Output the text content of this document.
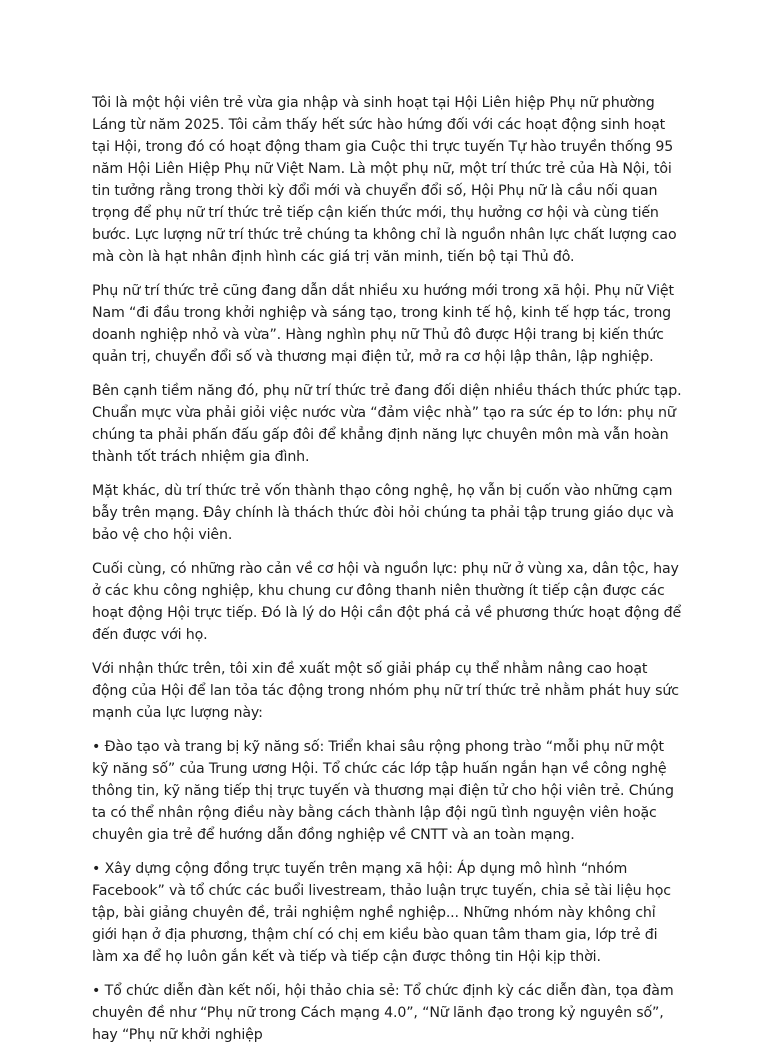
Tôi là một hội viên trẻ vừa gia nhập và sinh hoạt tại Hội Liên hiệp Phụ nữ phường Láng từ năm 2025. Tôi cảm thấy hết sức hào hứng đối với các hoạt động sinh hoạt tại Hội, trong đó có hoạt động tham gia Cuộc thi trực tuyến Tự hào truyền thống 95 năm Hội Liên Hiệp Phụ nữ Việt Nam. Là một phụ nữ, một trí thức trẻ của Hà Nội, tôi tin tưởng rằng trong thời kỳ đổi mới và chuyển đổi số, Hội Phụ nữ là cầu nối quan trọng để phụ nữ trí thức trẻ tiếp cận kiến thức mới, thụ hưởng cơ hội và cùng tiến bước. Lực lượng nữ trí thức trẻ chúng ta không chỉ là nguồn nhân lực chất lượng cao mà còn là hạt nhân định hình các giá trị văn minh, tiến bộ tại Thủ đô.

Phụ nữ trí thức trẻ cũng đang dẫn dắt nhiều xu hướng mới trong xã hội. Phụ nữ Việt Nam “đi đầu trong khởi nghiệp và sáng tạo, trong kinh tế hộ, kinh tế hợp tác, trong doanh nghiệp nhỏ và vừa”. Hàng nghìn phụ nữ Thủ đô được Hội trang bị kiến thức quản trị, chuyển đổi số và thương mại điện tử, mở ra cơ hội lập thân, lập nghiệp.

Bên cạnh tiềm năng đó, phụ nữ trí thức trẻ đang đối diện nhiều thách thức phức tạp. Chuẩn mực vừa phải giỏi việc nước vừa “đảm việc nhà” tạo ra sức ép to lớn: phụ nữ chúng ta phải phấn đấu gấp đôi để khẳng định năng lực chuyên môn mà vẫn hoàn thành tốt trách nhiệm gia đình.

Mặt khác, dù trí thức trẻ vốn thành thạo công nghệ, họ vẫn bị cuốn vào những cạm bẫy trên mạng. Đây chính là thách thức đòi hỏi chúng ta phải tập trung giáo dục và bảo vệ cho hội viên.

Cuối cùng, có những rào cản về cơ hội và nguồn lực: phụ nữ ở vùng xa, dân tộc, hay ở các khu công nghiệp, khu chung cư đông thanh niên thường ít tiếp cận được các hoạt động Hội trực tiếp. Đó là lý do Hội cần đột phá cả về phương thức hoạt động để đến được với họ.

Với nhận thức trên, tôi xin đề xuất một số giải pháp cụ thể nhằm nâng cao hoạt động của Hội để lan tỏa tác động trong nhóm phụ nữ trí thức trẻ nhằm phát huy sức mạnh của lực lượng này:

• Đào tạo và trang bị kỹ năng số: Triển khai sâu rộng phong trào “mỗi phụ nữ một kỹ năng số” của Trung ương Hội. Tổ chức các lớp tập huấn ngắn hạn về công nghệ thông tin, kỹ năng tiếp thị trực tuyến và thương mại điện tử cho hội viên trẻ. Chúng ta có thể nhân rộng điều này bằng cách thành lập đội ngũ tình nguyện viên hoặc chuyên gia trẻ để hướng dẫn đồng nghiệp về CNTT và an toàn mạng.

• Xây dựng cộng đồng trực tuyến trên mạng xã hội: Áp dụng mô hình “nhóm Facebook” và tổ chức các buổi livestream, thảo luận trực tuyến, chia sẻ tài liệu học tập, bài giảng chuyên đề, trải nghiệm nghề nghiệp... Những nhóm này không chỉ giới hạn ở địa phương, thậm chí có chị em kiều bào quan tâm tham gia, lớp trẻ đi làm xa để họ luôn gắn kết và tiếp và tiếp cận được thông tin Hội kịp thời.

• Tổ chức diễn đàn kết nối, hội thảo chia sẻ: Tổ chức định kỳ các diễn đàn, tọa đàm chuyên đề như “Phụ nữ trong Cách mạng 4.0”, “Nữ lãnh đạo trong kỷ nguyên số”, hay “Phụ nữ khởi nghiệp
